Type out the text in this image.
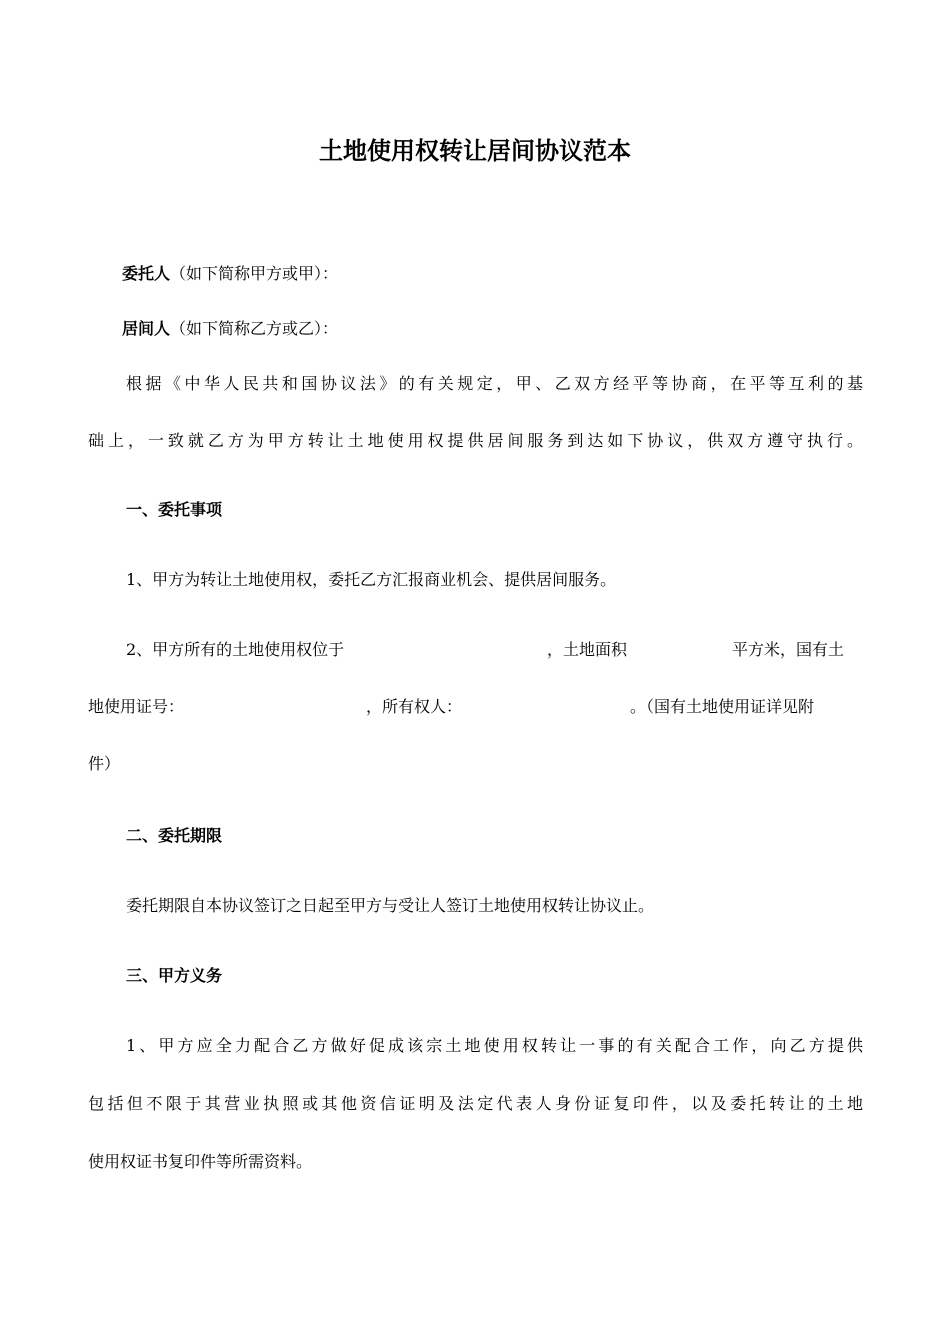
土地使用权转让居间协议范本

委托人（如下简称甲方或甲）：

居间人（如下简称乙方或乙）：

根据《中华人民共和国协议法》的有关规定，甲、乙双方经平等协商，在平等互利的基

础上，一致就乙方为甲方转让土地使用权提供居间服务到达如下协议，供双方遵守执行。

一、委托事项

1、甲方为转让土地使用权，委托乙方汇报商业机会、提供居间服务。

2、甲方所有的土地使用权位于	，土地面积	平方米，国有土
地使用证号：	，所有权人：	。（国有土地使用证详见附

件）

二、委托期限

委托期限自本协议签订之日起至甲方与受让人签订土地使用权转让协议止。

三、甲方义务

1、甲方应全力配合乙方做好促成该宗土地使用权转让一事的有关配合工作，向乙方提供

包括但不限于其营业执照或其他资信证明及法定代表人身份证复印件，以及委托转让的土地

使用权证书复印件等所需资料。
